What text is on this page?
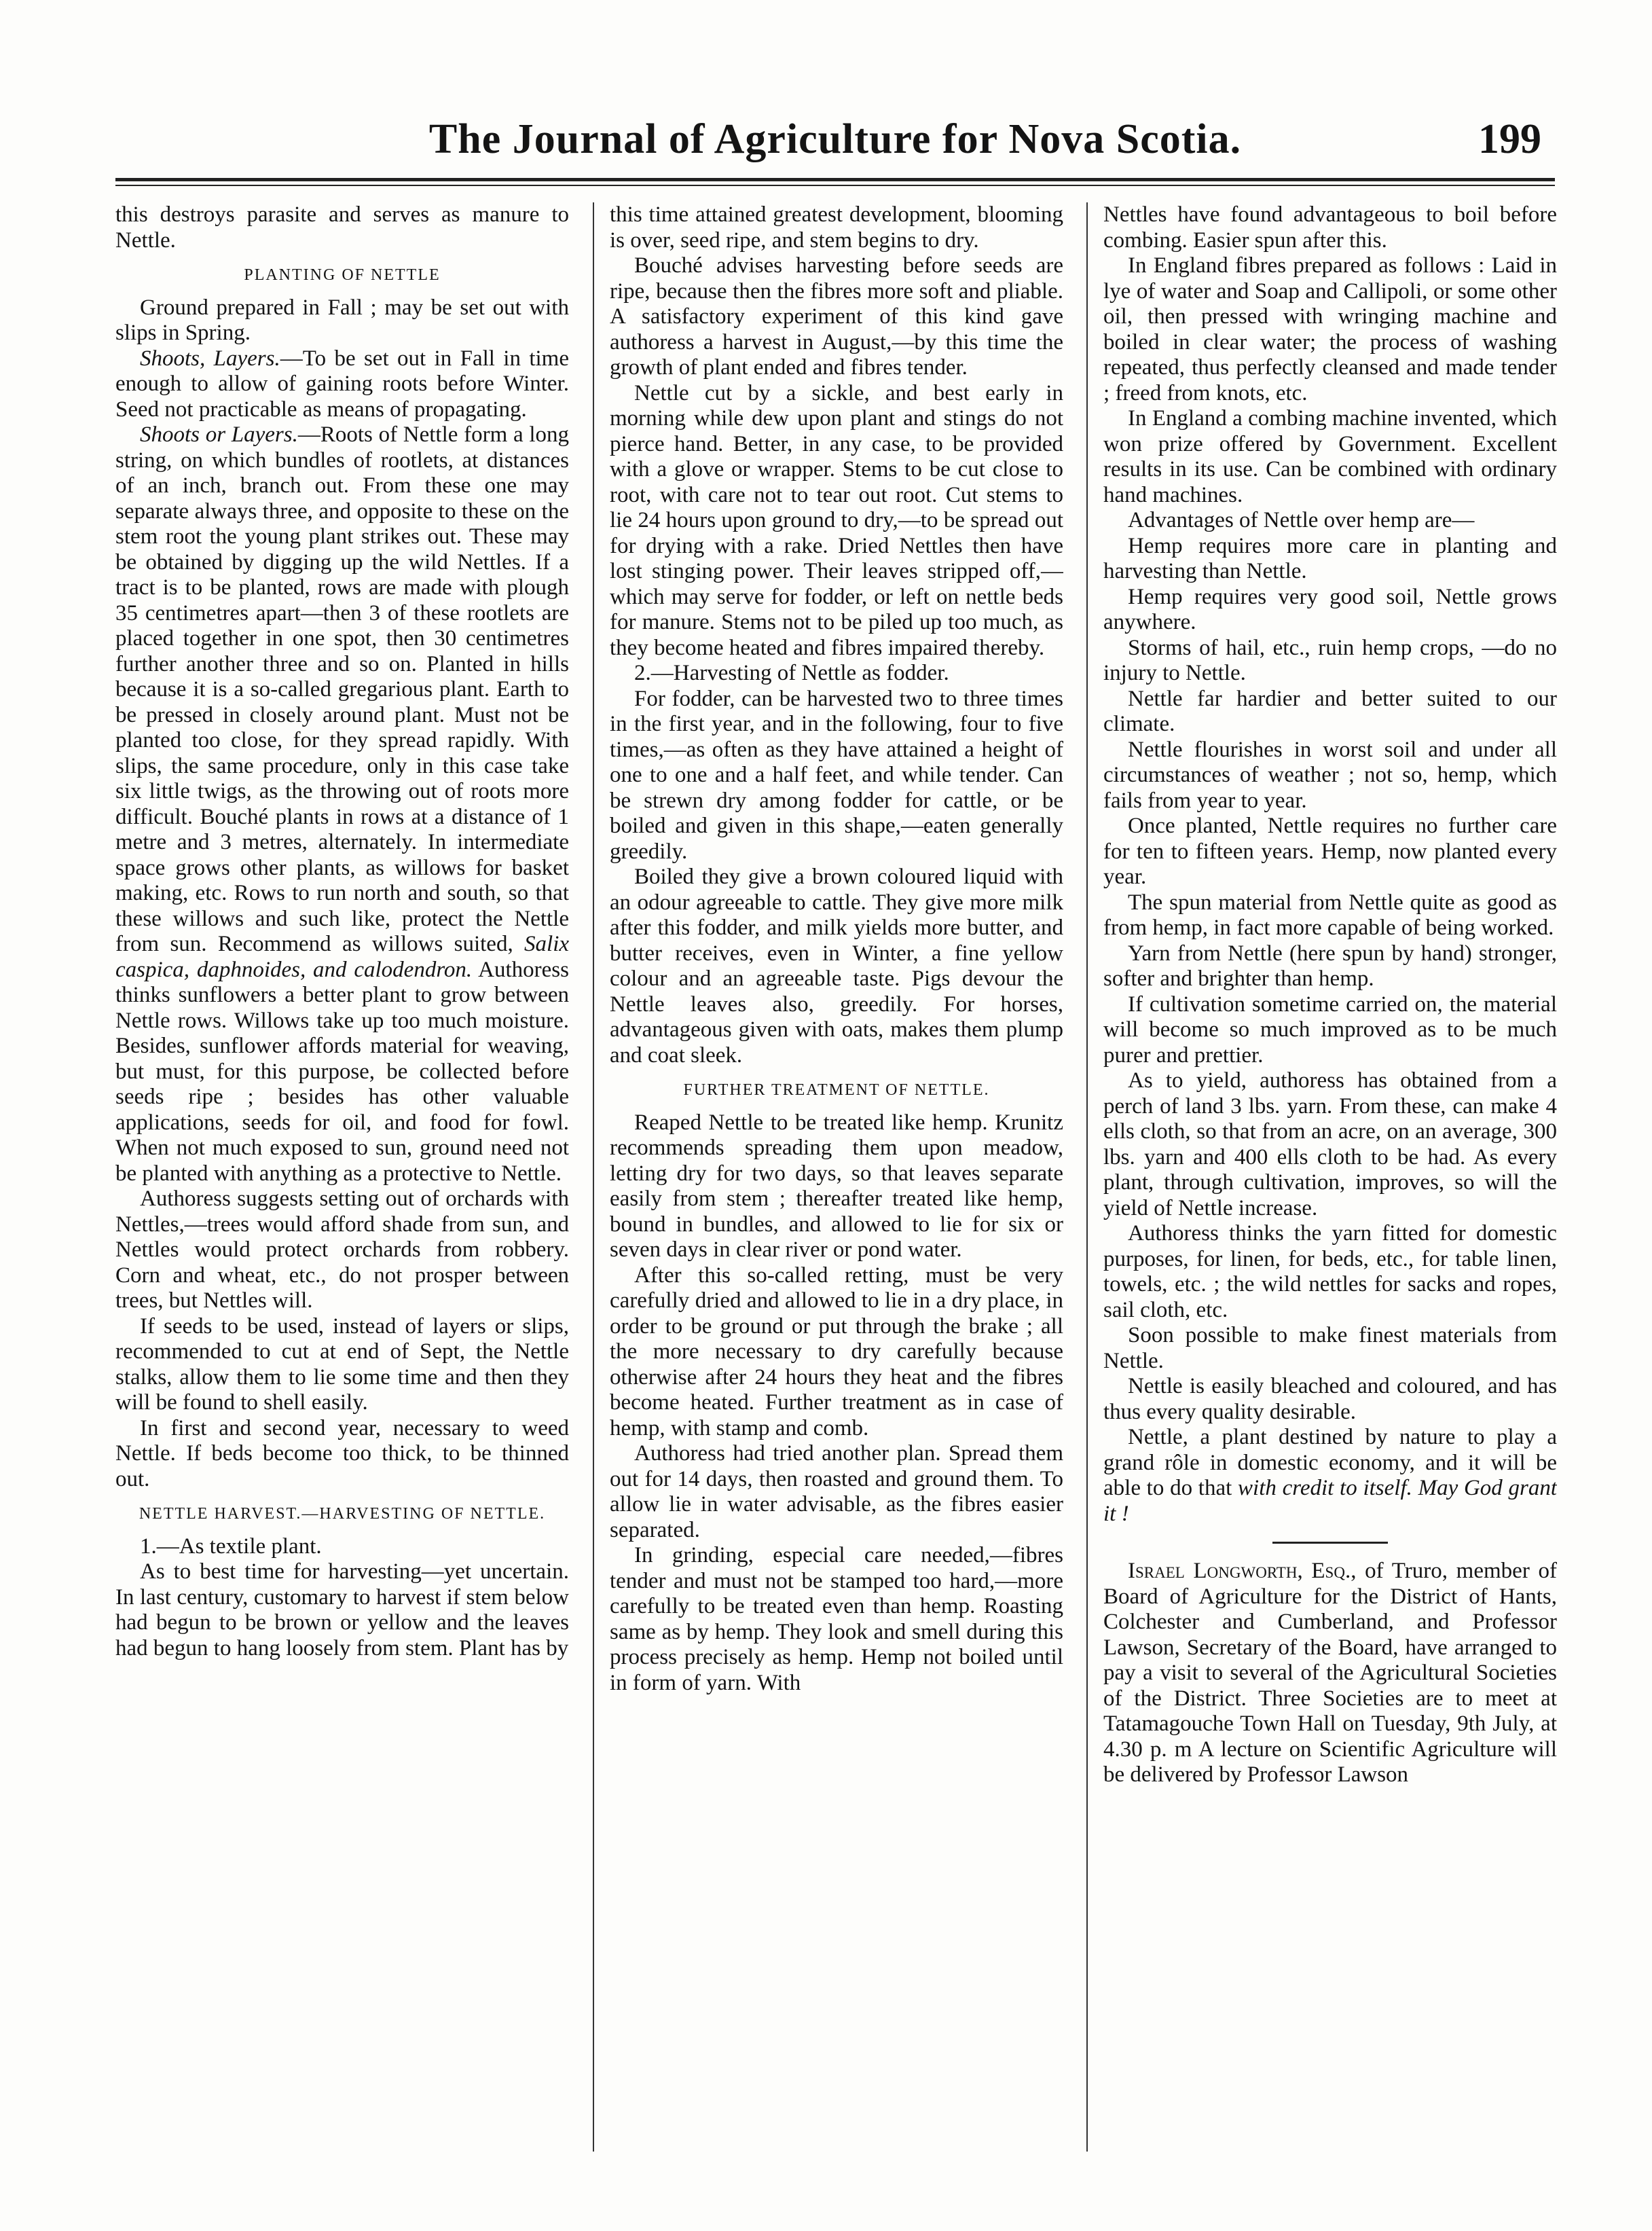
The Journal of Agriculture for Nova Scotia.	199

this destroys parasite and serves as manure to Nettle.

PLANTING OF NETTLE

Ground prepared in Fall ; may be set out with slips in Spring.

Shoots, Layers.—To be set out in Fall in time enough to allow of gaining roots before Winter. Seed not practicable as means of propagating.

Shoots or Layers.—Roots of Nettle form a long string, on which bundles of rootlets, at distances of an inch, branch out. From these one may separate always three, and opposite to these on the stem root the young plant strikes out. These may be obtained by digging up the wild Nettles. If a tract is to be planted, rows are made with plough 35 centimetres apart—then 3 of these rootlets are placed together in one spot, then 30 centimetres further another three and so on. Planted in hills because it is a so-called gregarious plant. Earth to be pressed in closely around plant. Must not be planted too close, for they spread rapidly. With slips, the same procedure, only in this case take six little twigs, as the throwing out of roots more difficult. Bouché plants in rows at a distance of 1 metre and 3 metres, alternately. In intermediate space grows other plants, as willows for basket making, etc. Rows to run north and south, so that these willows and such like, protect the Nettle from sun. Recommend as willows suited, Salix caspica, daphnoides, and calodendron. Authoress thinks sunflowers a better plant to grow between Nettle rows. Willows take up too much moisture. Besides, sunflower affords material for weaving, but must, for this purpose, be collected before seeds ripe ; besides has other valuable applications, seeds for oil, and food for fowl. When not much exposed to sun, ground need not be planted with anything as a protective to Nettle.

Authoress suggests setting out of orchards with Nettles,—trees would afford shade from sun, and Nettles would protect orchards from robbery. Corn and wheat, etc., do not prosper between trees, but Nettles will.

If seeds to be used, instead of layers or slips, recommended to cut at end of Sept, the Nettle stalks, allow them to lie some time and then they will be found to shell easily.

In first and second year, necessary to weed Nettle. If beds become too thick, to be thinned out.

NETTLE HARVEST.—HARVESTING OF NETTLE.

1.—As textile plant.

As to best time for harvesting—yet uncertain. In last century, customary to harvest if stem below had begun to be brown or yellow and the leaves had begun to hang loosely from stem. Plant has by

this time attained greatest development, blooming is over, seed ripe, and stem begins to dry.

Bouché advises harvesting before seeds are ripe, because then the fibres more soft and pliable. A satisfactory experiment of this kind gave authoress a harvest in August,—by this time the growth of plant ended and fibres tender.

Nettle cut by a sickle, and best early in morning while dew upon plant and stings do not pierce hand. Better, in any case, to be provided with a glove or wrapper. Stems to be cut close to root, with care not to tear out root. Cut stems to lie 24 hours upon ground to dry,—to be spread out for drying with a rake. Dried Nettles then have lost stinging power. Their leaves stripped off,—which may serve for fodder, or left on nettle beds for manure. Stems not to be piled up too much, as they become heated and fibres impaired thereby.

2.—Harvesting of Nettle as fodder.

For fodder, can be harvested two to three times in the first year, and in the following, four to five times,—as often as they have attained a height of one to one and a half feet, and while tender. Can be strewn dry among fodder for cattle, or be boiled and given in this shape,—eaten generally greedily.

Boiled they give a brown coloured liquid with an odour agreeable to cattle. They give more milk after this fodder, and milk yields more butter, and butter receives, even in Winter, a fine yellow colour and an agreeable taste. Pigs devour the Nettle leaves also, greedily. For horses, advantageous given with oats, makes them plump and coat sleek.

FURTHER TREATMENT OF NETTLE.

Reaped Nettle to be treated like hemp. Krunitz recommends spreading them upon meadow, letting dry for two days, so that leaves separate easily from stem ; thereafter treated like hemp, bound in bundles, and allowed to lie for six or seven days in clear river or pond water.

After this so-called retting, must be very carefully dried and allowed to lie in a dry place, in order to be ground or put through the brake ; all the more necessary to dry carefully because otherwise after 24 hours they heat and the fibres become heated. Further treatment as in case of hemp, with stamp and comb.

Authoress had tried another plan. Spread them out for 14 days, then roasted and ground them. To allow lie in water advisable, as the fibres easier separated.

In grinding, especial care needed,—fibres tender and must not be stamped too hard,—more carefully to be treated even than hemp. Roasting same as by hemp. They look and smell during this process precisely as hemp. Hemp not boiled until in form of yarn. With

Nettles have found advantageous to boil before combing. Easier spun after this.

In England fibres prepared as follows : Laid in lye of water and Soap and Callipoli, or some other oil, then pressed with wringing machine and boiled in clear water; the process of washing repeated, thus perfectly cleansed and made tender ; freed from knots, etc.

In England a combing machine invented, which won prize offered by Government. Excellent results in its use. Can be combined with ordinary hand machines.

Advantages of Nettle over hemp are—

Hemp requires more care in planting and harvesting than Nettle.

Hemp requires very good soil, Nettle grows anywhere.

Storms of hail, etc., ruin hemp crops, —do no injury to Nettle.

Nettle far hardier and better suited to our climate.

Nettle flourishes in worst soil and under all circumstances of weather ; not so, hemp, which fails from year to year.

Once planted, Nettle requires no further care for ten to fifteen years. Hemp, now planted every year.

The spun material from Nettle quite as good as from hemp, in fact more capable of being worked.

Yarn from Nettle (here spun by hand) stronger, softer and brighter than hemp.

If cultivation sometime carried on, the material will become so much improved as to be much purer and prettier.

As to yield, authoress has obtained from a perch of land 3 lbs. yarn. From these, can make 4 ells cloth, so that from an acre, on an average, 300 lbs. yarn and 400 ells cloth to be had. As every plant, through cultivation, improves, so will the yield of Nettle increase.

Authoress thinks the yarn fitted for domestic purposes, for linen, for beds, etc., for table linen, towels, etc. ; the wild nettles for sacks and ropes, sail cloth, etc.

Soon possible to make finest materials from Nettle.

Nettle is easily bleached and coloured, and has thus every quality desirable.

Nettle, a plant destined by nature to play a grand rôle in domestic economy, and it will be able to do that with credit to itself. May God grant it !

Israel Longworth, Esq., of Truro, member of Board of Agriculture for the District of Hants, Colchester and Cumberland, and Professor Lawson, Secretary of the Board, have arranged to pay a visit to several of the Agricultural Societies of the District. Three Societies are to meet at Tatamagouche Town Hall on Tuesday, 9th July, at 4.30 p. m A lecture on Scientific Agriculture will be delivered by Professor Lawson
